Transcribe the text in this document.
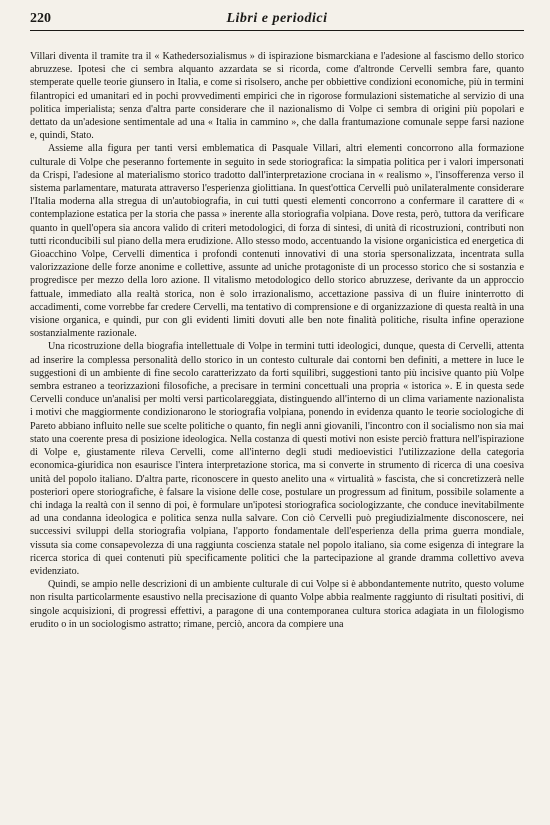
220	Libri e periodici

Villari diventa il tramite tra il « Kathedersozialismus » di ispirazione bismarckiana e l'adesione al fascismo dello storico abruzzese. Ipotesi che ci sembra alquanto azzardata se si ricorda, come d'altronde Cervelli sembra fare, quanto stemperate quelle teorie giunsero in Italia, e come si risolsero, anche per obbiettive condizioni economiche, più in termini filantropici ed umanitari ed in pochi provvedimenti empirici che in rigorose formulazioni sistematiche al servizio di una politica imperialista; senza d'altra parte considerare che il nazionalismo di Volpe ci sembra di origini più popolari e dettato da un'adesione sentimentale ad una « Italia in cammino », che dalla frantumazione comunale seppe farsi nazione e, quindi, Stato.

Assieme alla figura per tanti versi emblematica di Pasquale Villari, altri elementi concorrono alla formazione culturale di Volpe che peseranno fortemente in seguito in sede storiografica: la simpatia politica per i valori impersonati da Crispi, l'adesione al materialismo storico tradotto dall'interpretazione crociana in « realismo », l'insofferenza verso il sistema parlamentare, maturata attraverso l'esperienza giolittiana. In quest'ottica Cervelli può unilateralmente considerare l'Italia moderna alla stregua di un'autobiografia, in cui tutti questi elementi concorrono a confermare il carattere di « contemplazione estatica per la storia che passa » inerente alla storiografia volpiana. Dove resta, però, tuttora da verificare quanto in quell'opera sia ancora valido di criteri metodologici, di forza di sintesi, di unità di ricostruzioni, contributi non tutti riconducibili sul piano della mera erudizione. Allo stesso modo, accentuando la visione organicistica ed energetica di Gioacchino Volpe, Cervelli dimentica i profondi contenuti innovativi di una storia spersonalizzata, incentrata sulla valorizzazione delle forze anonime e collettive, assunte ad uniche protagoniste di un processo storico che si sostanzia e progredisce per mezzo della loro azione. Il vitalismo metodologico dello storico abruzzese, derivante da un approccio fattuale, immediato alla realtà storica, non è solo irrazionalismo, accettazione passiva di un fluire ininterrotto di accadimenti, come vorrebbe far credere Cervelli, ma tentativo di comprensione e di organizzazione di questa realtà in una visione organica, e quindi, pur con gli evidenti limiti dovuti alle ben note finalità politiche, risulta infine operazione sostanzialmente razionale.

Una ricostruzione della biografia intellettuale di Volpe in termini tutti ideologici, dunque, questa di Cervelli, attenta ad inserire la complessa personalità dello storico in un contesto culturale dai contorni ben definiti, a mettere in luce le suggestioni di un ambiente di fine secolo caratterizzato da forti squilibri, suggestioni tanto più incisive quanto più Volpe sembra estraneo a teorizzazioni filosofiche, a precisare in termini concettuali una propria « istorica ». E in questa sede Cervelli conduce un'analisi per molti versi particolareggiata, distinguendo all'interno di un clima variamente nazionalista i motivi che maggiormente condizionarono le storiografia volpiana, ponendo in evidenza quanto le teorie sociologiche di Pareto abbiano influito nelle sue scelte politiche o quanto, fin negli anni giovanili, l'incontro con il socialismo non sia mai stato una coerente presa di posizione ideologica. Nella costanza di questi motivi non esiste perciò frattura nell'ispirazione di Volpe e, giustamente rileva Cervelli, come all'interno degli studi medioevistici l'utilizzazione della categoria economica-giuridica non esaurisce l'intera interpretazione storica, ma si converte in strumento di ricerca di una coesiva unità del popolo italiano. D'altra parte, riconoscere in questo anelito una « virtualità » fascista, che si concretizzerà nelle posteriori opere storiografiche, è falsare la visione delle cose, postulare un progressum ad finitum, possibile solamente a chi indaga la realtà con il senno di poi, è formulare un'ipotesi storiografica sociologizzante, che conduce inevitabilmente ad una condanna ideologica e politica senza nulla salvare. Con ciò Cervelli può pregiudizialmente disconoscere, nei successivi sviluppi della storiografia volpiana, l'apporto fondamentale dell'esperienza della prima guerra mondiale, vissuta sia come consapevolezza di una raggiunta coscienza statale nel popolo italiano, sia come esigenza di integrare la ricerca storica di quei contenuti più specificamente politici che la partecipazione al grande dramma collettivo aveva evidenziato.

Quindi, se ampio nelle descrizioni di un ambiente culturale di cui Volpe si è abbondantemente nutrito, questo volume non risulta particolarmente esaustivo nella precisazione di quanto Volpe abbia realmente raggiunto di risultati positivi, di singole acquisizioni, di progressi effettivi, a paragone di una contemporanea cultura storica adagiata in un filologismo erudito o in un sociologismo astratto; rimane, perciò, ancora da compiere una
